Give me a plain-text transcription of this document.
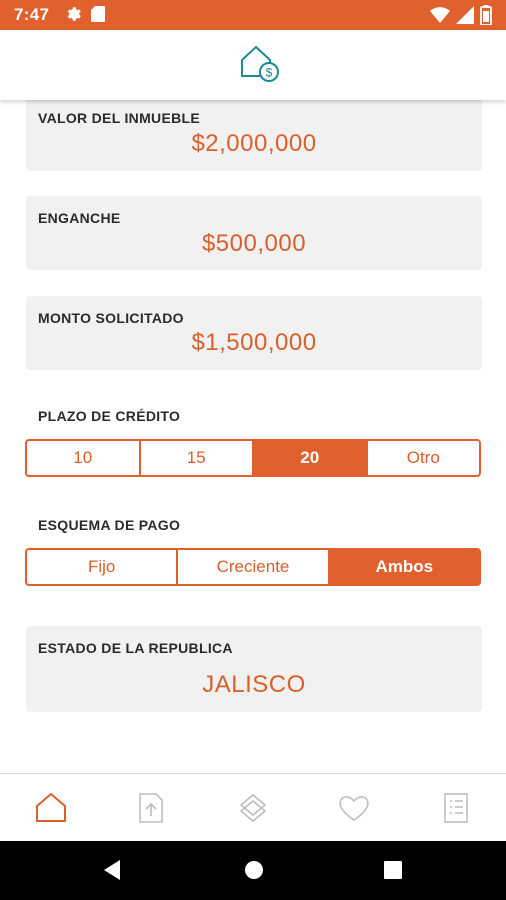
7:47
$
VALOR DEL INMUEBLE
$2,000,000
ENGANCHE
$500,000
MONTO SOLICITADO
$1,500,000
PLAZO DE CRÉDITO
10	15	20	Otro
ESQUEMA DE PAGO
Fijo	Creciente	Ambos
ESTADO DE LA REPUBLICA
JALISCO
